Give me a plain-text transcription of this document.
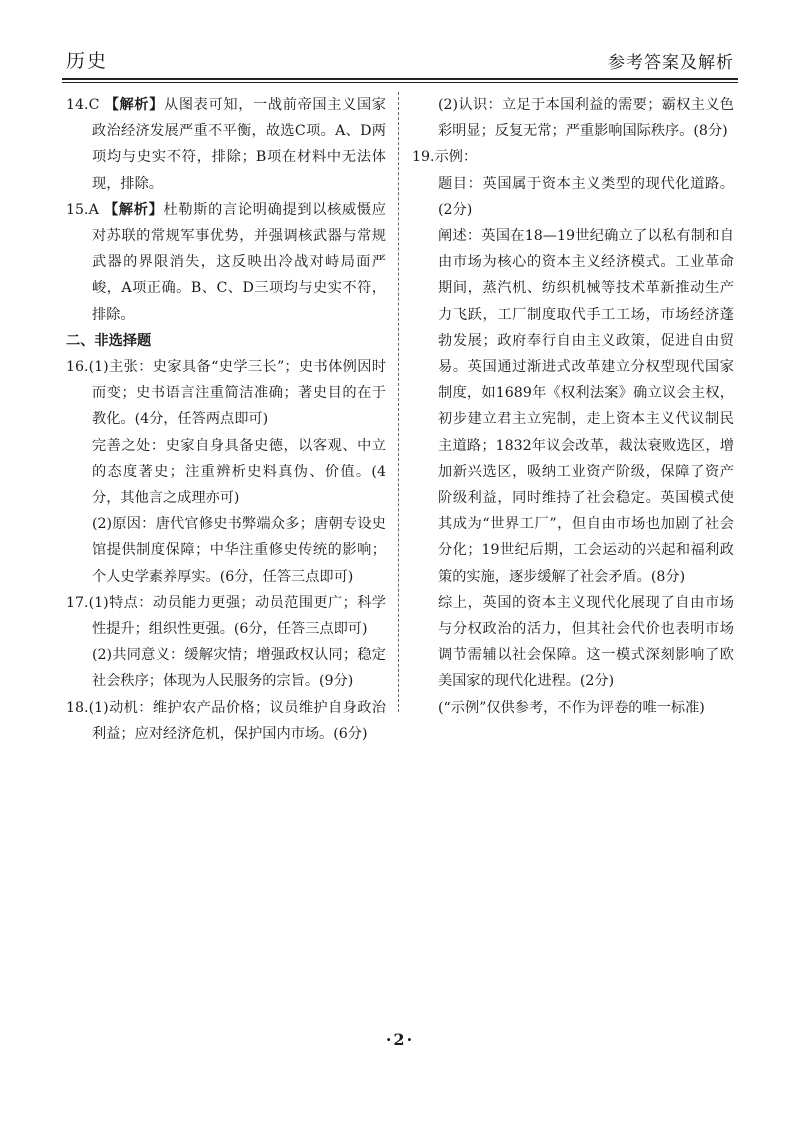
历史	参考答案及解析

14.C 【解析】从图表可知，一战前帝国主义国家政治经济发展严重不平衡，故选C项。A、D两项均与史实不符，排除；B项在材料中无法体现，排除。

15.A 【解析】杜勒斯的言论明确提到以核威慑应对苏联的常规军事优势，并强调核武器与常规武器的界限消失，这反映出冷战对峙局面严峻，A项正确。B、C、D三项均与史实不符，排除。

二、非选择题

16.(1)主张：史家具备“史学三长”；史书体例因时而变；史书语言注重简洁准确；著史目的在于教化。(4分，任答两点即可)

完善之处：史家自身具备史德，以客观、中立的态度著史；注重辨析史料真伪、价值。(4分，其他言之成理亦可)

(2)原因：唐代官修史书弊端众多；唐朝专设史馆提供制度保障；中华注重修史传统的影响；个人史学素养厚实。(6分，任答三点即可)

17.(1)特点：动员能力更强；动员范围更广；科学性提升；组织性更强。(6分，任答三点即可)

(2)共同意义：缓解灾情；增强政权认同；稳定社会秩序；体现为人民服务的宗旨。(9分)

18.(1)动机：维护农产品价格；议员维护自身政治利益；应对经济危机，保护国内市场。(6分)

(2)认识：立足于本国利益的需要；霸权主义色彩明显；反复无常；严重影响国际秩序。(8分)

19.示例：

题目：英国属于资本主义类型的现代化道路。(2分)

阐述：英国在18—19世纪确立了以私有制和自由市场为核心的资本主义经济模式。工业革命期间，蒸汽机、纺织机械等技术革新推动生产力飞跃，工厂制度取代手工工场，市场经济蓬勃发展；政府奉行自由主义政策，促进自由贸易。英国通过渐进式改革建立分权型现代国家制度，如1689年《权利法案》确立议会主权，初步建立君主立宪制，走上资本主义代议制民主道路；1832年议会改革，裁汰衰败选区，增加新兴选区，吸纳工业资产阶级，保障了资产阶级利益，同时维持了社会稳定。英国模式使其成为“世界工厂”，但自由市场也加剧了社会分化；19世纪后期，工会运动的兴起和福利政策的实施，逐步缓解了社会矛盾。(8分)

综上，英国的资本主义现代化展现了自由市场与分权政治的活力，但其社会代价也表明市场调节需辅以社会保障。这一模式深刻影响了欧美国家的现代化进程。(2分)

(“示例”仅供参考，不作为评卷的唯一标准)

·2·
